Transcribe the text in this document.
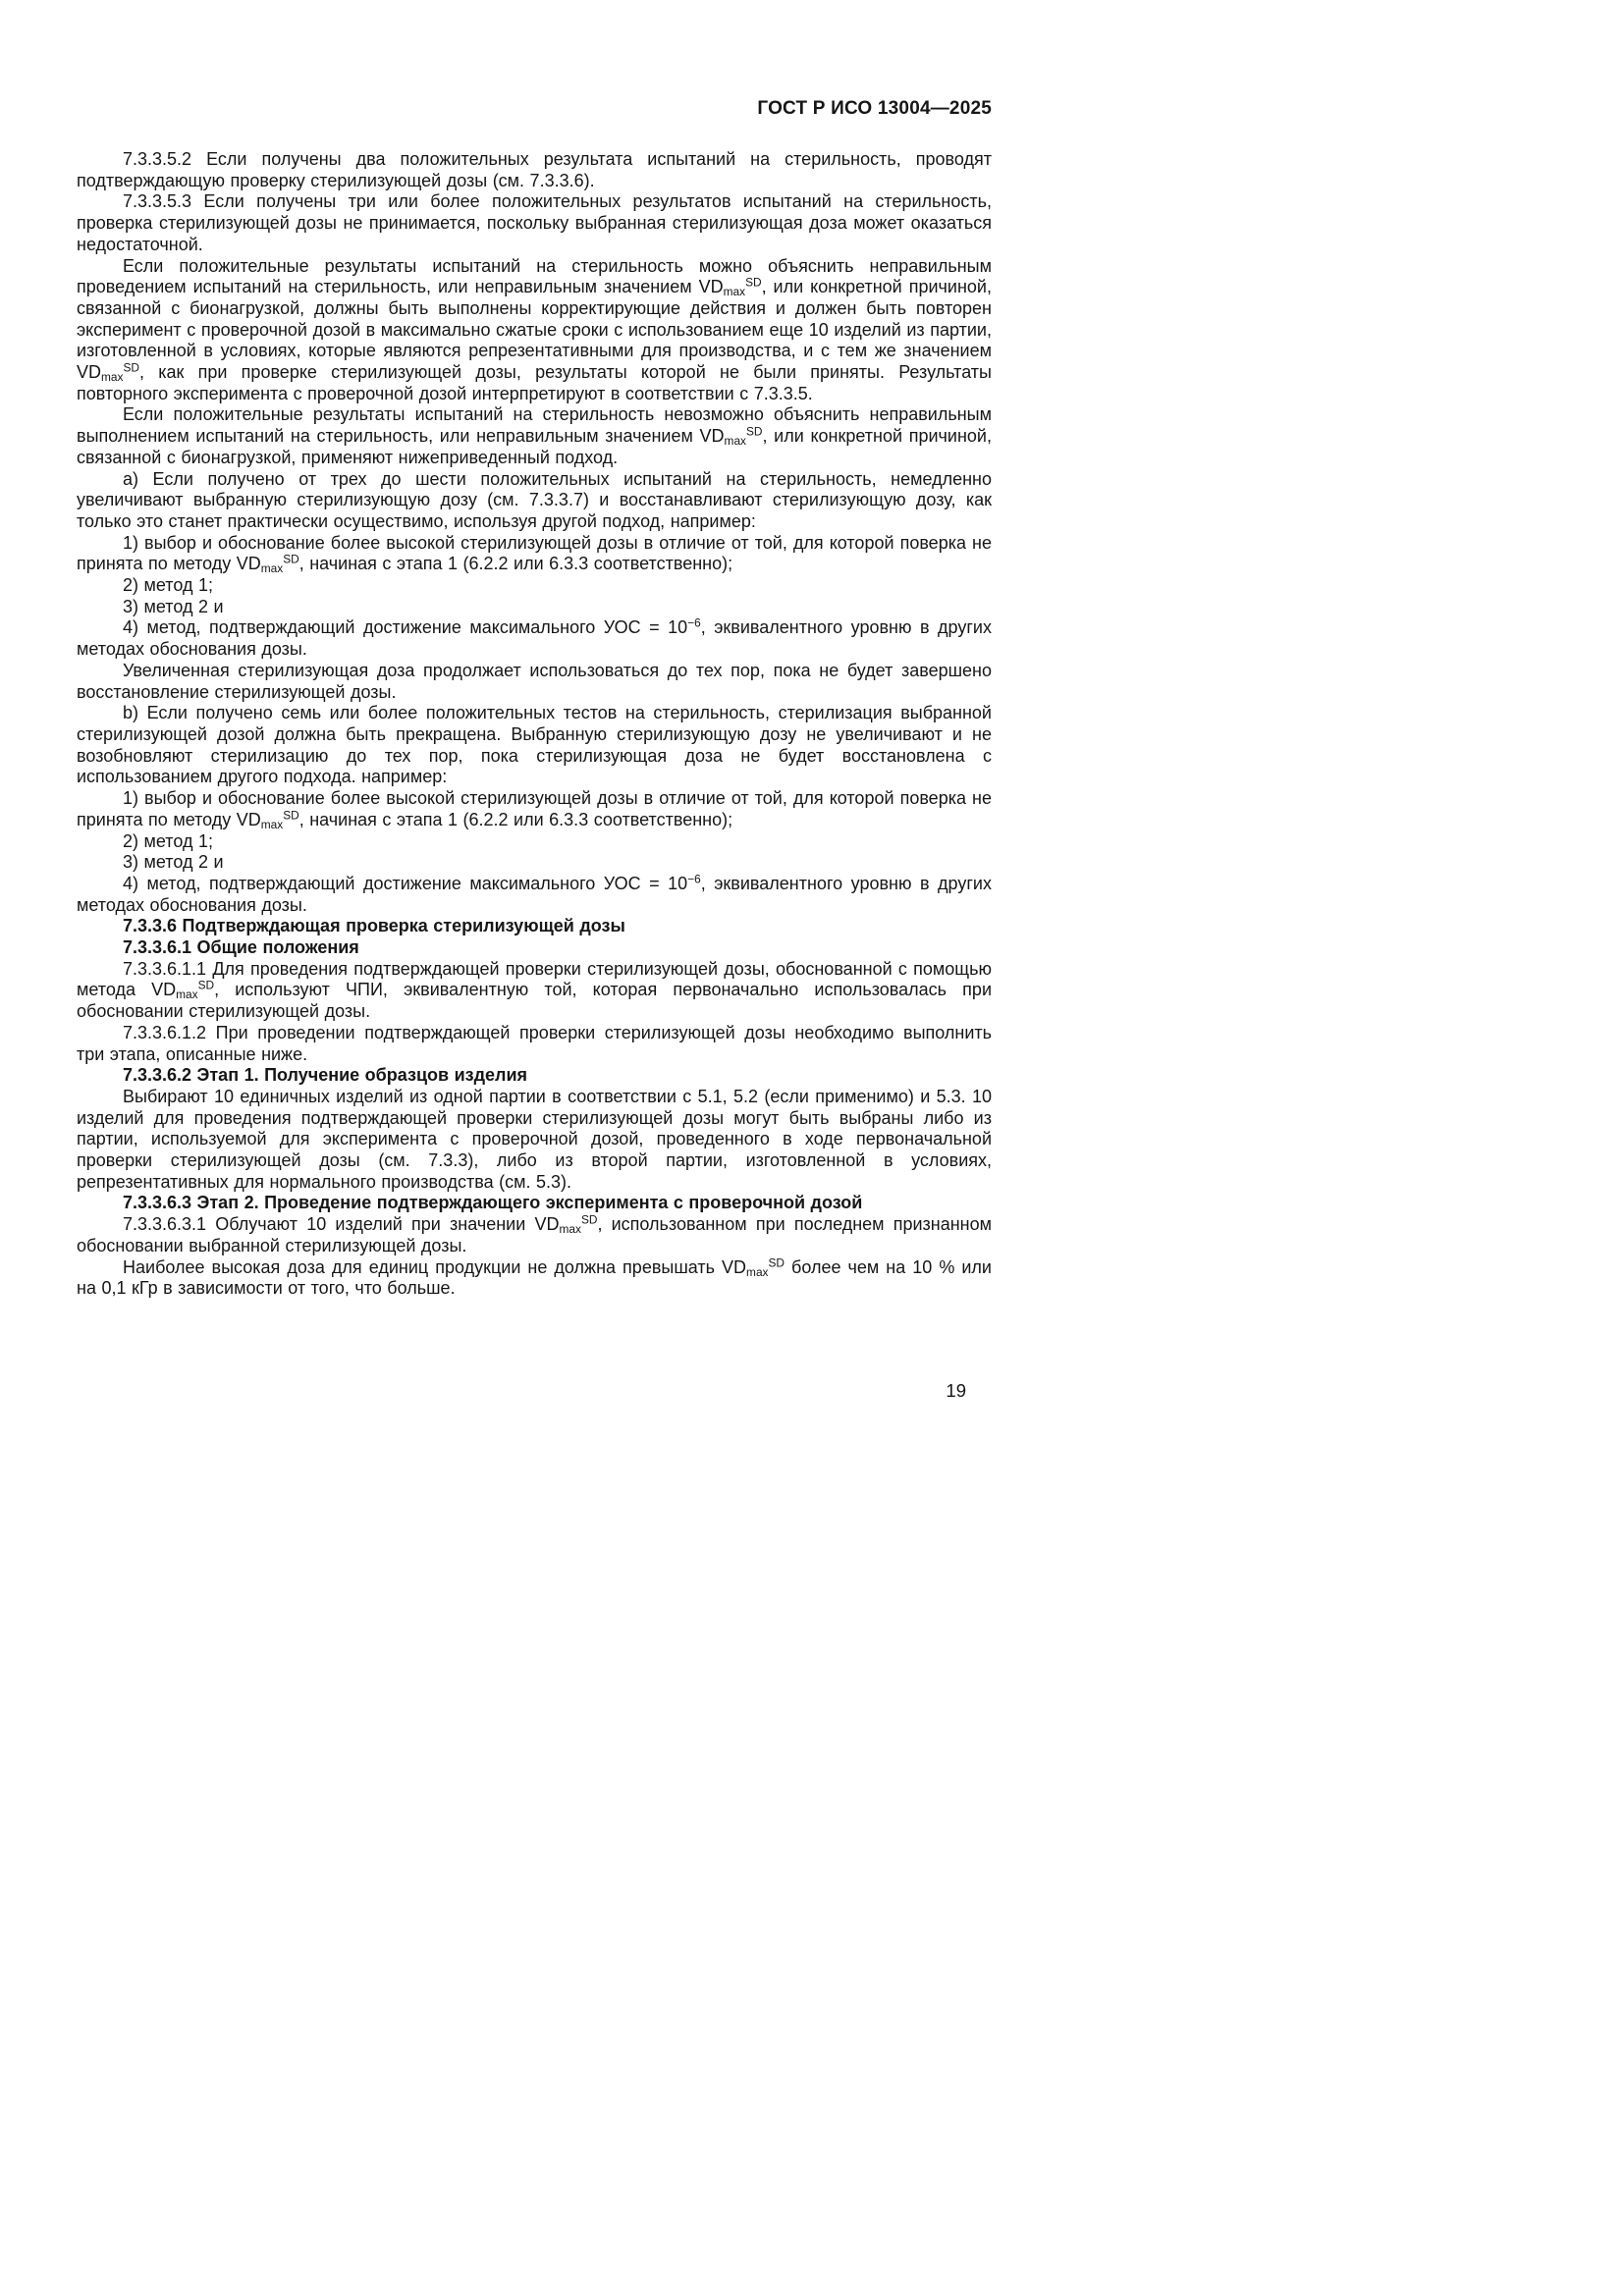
ГОСТ Р ИСО 13004—2025

7.3.3.5.2 Если получены два положительных результата испытаний на стерильность, проводят подтверждающую проверку стерилизующей дозы (см. 7.3.3.6).

7.3.3.5.3 Если получены три или более положительных результатов испытаний на стерильность, проверка стерилизующей дозы не принимается, поскольку выбранная стерилизующая доза может оказаться недостаточной.

Если положительные результаты испытаний на стерильность можно объяснить неправильным проведением испытаний на стерильность, или неправильным значением $VD_{max}^{SD}$, или конкретной причиной, связанной с бионагрузкой, должны быть выполнены корректирующие действия и должен быть повторен эксперимент с проверочной дозой в максимально сжатые сроки с использованием еще 10 изделий из партии, изготовленной в условиях, которые являются репрезентативными для производства, и с тем же значением $VD_{max}^{SD}$, как при проверке стерилизующей дозы, результаты которой не были приняты. Результаты повторного эксперимента с проверочной дозой интерпретируют в соответствии с 7.3.3.5.

Если положительные результаты испытаний на стерильность невозможно объяснить неправильным выполнением испытаний на стерильность, или неправильным значением $VD_{max}^{SD}$, или конкретной причиной, связанной с бионагрузкой, применяют нижеприведенный подход.

a) Если получено от трех до шести положительных испытаний на стерильность, немедленно увеличивают выбранную стерилизующую дозу (см. 7.3.3.7) и восстанавливают стерилизующую дозу, как только это станет практически осуществимо, используя другой подход, например:

1) выбор и обоснование более высокой стерилизующей дозы в отличие от той, для которой поверка не принята по методу $VD_{max}^{SD}$, начиная с этапа 1 (6.2.2 или 6.3.3 соответственно);

2) метод 1;

3) метод 2 и

4) метод, подтверждающий достижение максимального УОС = $10^{-6}$, эквивалентного уровню в других методах обоснования дозы.

Увеличенная стерилизующая доза продолжает использоваться до тех пор, пока не будет завершено восстановление стерилизующей дозы.

b) Если получено семь или более положительных тестов на стерильность, стерилизация выбранной стерилизующей дозой должна быть прекращена. Выбранную стерилизующую дозу не увеличивают и не возобновляют стерилизацию до тех пор, пока стерилизующая доза не будет восстановлена с использованием другого подхода. например:

1) выбор и обоснование более высокой стерилизующей дозы в отличие от той, для которой поверка не принята по методу $VD_{max}^{SD}$, начиная с этапа 1 (6.2.2 или 6.3.3 соответственно);

2) метод 1;

3) метод 2 и

4) метод, подтверждающий достижение максимального УОС = $10^{-6}$, эквивалентного уровню в других методах обоснования дозы.

7.3.3.6 Подтверждающая проверка стерилизующей дозы

7.3.3.6.1 Общие положения

7.3.3.6.1.1 Для проведения подтверждающей проверки стерилизующей дозы, обоснованной с помощью метода $VD_{max}^{SD}$, используют ЧПИ, эквивалентную той, которая первоначально использовалась при обосновании стерилизующей дозы.

7.3.3.6.1.2 При проведении подтверждающей проверки стерилизующей дозы необходимо выполнить три этапа, описанные ниже.

7.3.3.6.2 Этап 1. Получение образцов изделия

Выбирают 10 единичных изделий из одной партии в соответствии с 5.1, 5.2 (если применимо) и 5.3. 10 изделий для проведения подтверждающей проверки стерилизующей дозы могут быть выбраны либо из партии, используемой для эксперимента с проверочной дозой, проведенного в ходе первоначальной проверки стерилизующей дозы (см. 7.3.3), либо из второй партии, изготовленной в условиях, репрезентативных для нормального производства (см. 5.3).

7.3.3.6.3 Этап 2. Проведение подтверждающего эксперимента с проверочной дозой

7.3.3.6.3.1 Облучают 10 изделий при значении $VD_{max}^{SD}$, использованном при последнем признанном обосновании выбранной стерилизующей дозы.

Наиболее высокая доза для единиц продукции не должна превышать $VD_{max}^{SD}$ более чем на 10 % или на 0,1 кГр в зависимости от того, что больше.

19
